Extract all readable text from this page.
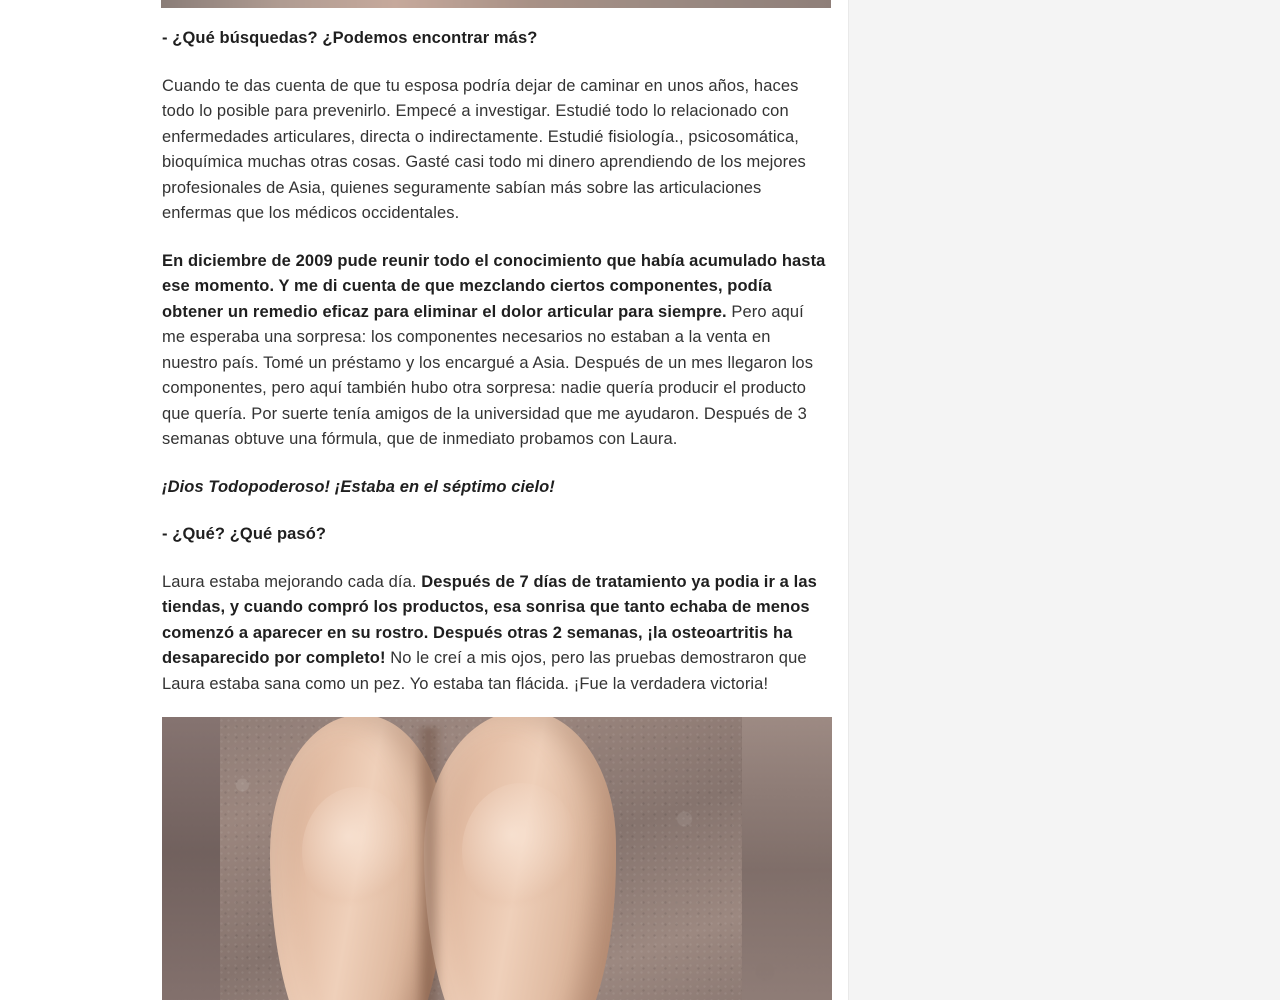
- ¿Qué búsquedas? ¿Podemos encontrar más?

Cuando te das cuenta de que tu esposa podría dejar de caminar en unos años, haces todo lo posible para prevenirlo. Empecé a investigar. Estudié todo lo relacionado con enfermedades articulares, directa o indirectamente. Estudié fisiología., psicosomática, bioquímica muchas otras cosas. Gasté casi todo mi dinero aprendiendo de los mejores profesionales de Asia, quienes seguramente sabían más sobre las articulaciones enfermas que los médicos occidentales.

En diciembre de 2009 pude reunir todo el conocimiento que había acumulado hasta ese momento. Y me di cuenta de que mezclando ciertos componentes, podía obtener un remedio eficaz para eliminar el dolor articular para siempre. Pero aquí me esperaba una sorpresa: los componentes necesarios no estaban a la venta en nuestro país. Tomé un préstamo y los encargué a Asia. Después de un mes llegaron los componentes, pero aquí también hubo otra sorpresa: nadie quería producir el producto que quería. Por suerte tenía amigos de la universidad que me ayudaron. Después de 3 semanas obtuve una fórmula, que de inmediato probamos con Laura.

¡Dios Todopoderoso! ¡Estaba en el séptimo cielo!

- ¿Qué? ¿Qué pasó?

Laura estaba mejorando cada día. Después de 7 días de tratamiento ya podia ir a las tiendas, y cuando compró los productos, esa sonrisa que tanto echaba de menos comenzó a aparecer en su rostro. Después otras 2 semanas, ¡la osteoartritis ha desaparecido por completo! No le creí a mis ojos, pero las pruebas demostraron que Laura estaba sana como un pez. Yo estaba tan flácida. ¡Fue la verdadera victoria!
